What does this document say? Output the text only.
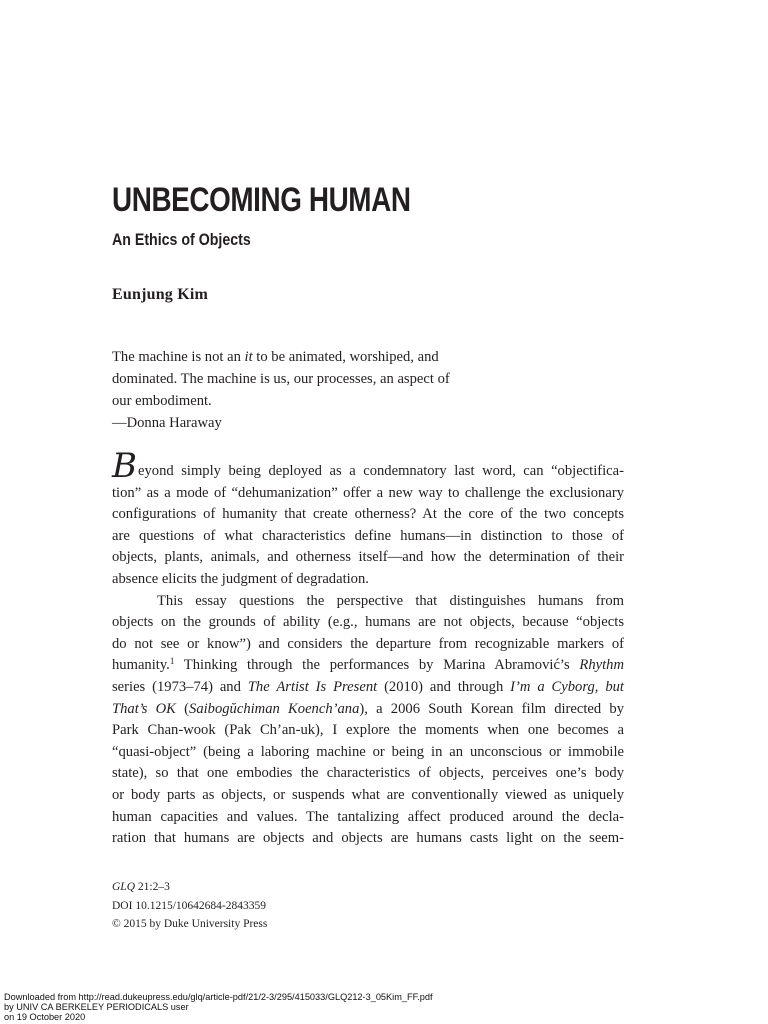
UNBECOMING HUMAN
An Ethics of Objects

Eunjung Kim

The machine is not an it to be animated, worshiped, and
dominated. The machine is us, our processes, an aspect of
our embodiment.
—Donna Haraway
Beyond simply being deployed as a condemnatory last word, can “objectifica-
tion” as a mode of “dehumanization” offer a new way to challenge the exclusionary
configurations of humanity that create otherness? At the core of the two concepts
are questions of what characteristics define humans—in distinction to those of
objects, plants, animals, and otherness itself—and how the determination of their
absence elicits the judgment of degradation.
This essay questions the perspective that distinguishes humans from
objects on the grounds of ability (e.g., humans are not objects, because “objects
do not see or know”) and considers the departure from recognizable markers of
humanity.$^1$ Thinking through the performances by Marina Abramović’s Rhythm
series (1973–74) and The Artist Is Present (2010) and through I’m a Cyborg, but
That’s OK (Saibogŭchiman Koench’ana), a 2006 South Korean film directed by
Park Chan-wook (Pak Ch’an-uk), I explore the moments when one becomes a
“quasi-object” (being a laboring machine or being in an unconscious or immobile
state), so that one embodies the characteristics of objects, perceives one’s body
or body parts as objects, or suspends what are conventionally viewed as uniquely
human capacities and values. The tantalizing affect produced around the decla-
ration that humans are objects and objects are humans casts light on the seem-
GLQ 21:2–3
DOI 10.1215/10642684-2843359
© 2015 by Duke University Press
Downloaded from http://read.dukeupress.edu/glq/article-pdf/21/2-3/295/415033/GLQ212-3_05Kim_FF.pdf
by UNIV CA BERKELEY PERIODICALS user
on 19 October 2020
